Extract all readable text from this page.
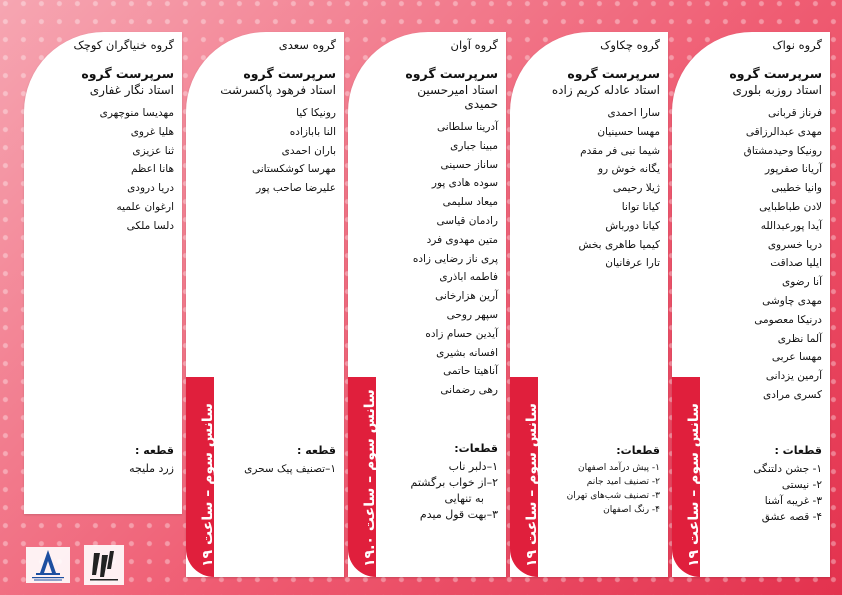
گروه نواک
سرپرست گروه
استاد روزبه بلوری
فرناز قربانی
مهدی عبدالرزاقی
رونیکا وحیدمشتاق
آریانا صفرپور
وانیا خطیبی
لادن طباطبایی
آیدا پورعبدالله
دریا خسروی
ایلیا صداقت
آنا رضوی
مهدی چاوشی
درنیکا معصومی
آلما نظری
مهسا عربی
آرمین یزدانی
کسری مرادی
قطعات :
۱- جشن دلتنگی
۲- نیستی
۳- غریبه آشنا
۴- قصه عشق
سانس سوم – ساعت ۱۹
گروه چکاوک
سرپرست گروه
استاد عادله کریم زاده
سارا احمدی
مهسا حسینیان
شیما نبی فر مقدم
یگانه خوش رو
ژیلا رحیمی
کیانا توانا
کیانا دورباش
کیمیا طاهری بخش
تارا عرفانیان
قطعات:
۱- پیش درآمد اصفهان
۲- تصنیف امید جانم
۳- تصنیف شب‌های تهران
۴- رنگ اصفهان
سانس سوم – ساعت ۱۹
گروه آوان
سرپرست گروه
استاد امیرحسین حمیدی
آدرینا سلطانی
مبینا جباری
ساناز حسینی
سوده هادی پور
میعاد سلیمی
رادمان قیاسی
متین مهدوی فرد
پری ناز رضایی زاده
فاطمه اباذری
آرین هزارخانی
سپهر روحی
آیدین حسام زاده
افسانه بشیری
آناهیتا حاتمی
رهی رضمانی
قطعات:
۱–دلبر ناب
۲–از خواب برگشتم
به تنهایی
۳–بهت قول میدم
سانس سوم – ساعت ۱۹.۰
گروه سعدی
سرپرست گروه
استاد فرهود پاکسرشت
رونیکا کیا
النا بابازاده
باران احمدی
مهرسا کوشکستانی
علیرضا صاحب پور
قطعه :
۱–تصنیف پیک سحری
سانس سوم – ساعت ۱۹
گروه خنیاگران کوچک
سرپرست گروه
استاد نگار غفاری
مهدیسا منوچهری
هلیا غروی
ثنا عزیزی
هانا اعظم
دریا درودی
ارغوان علمیه
دلسا ملکی
قطعه :
زرد ملیجه
